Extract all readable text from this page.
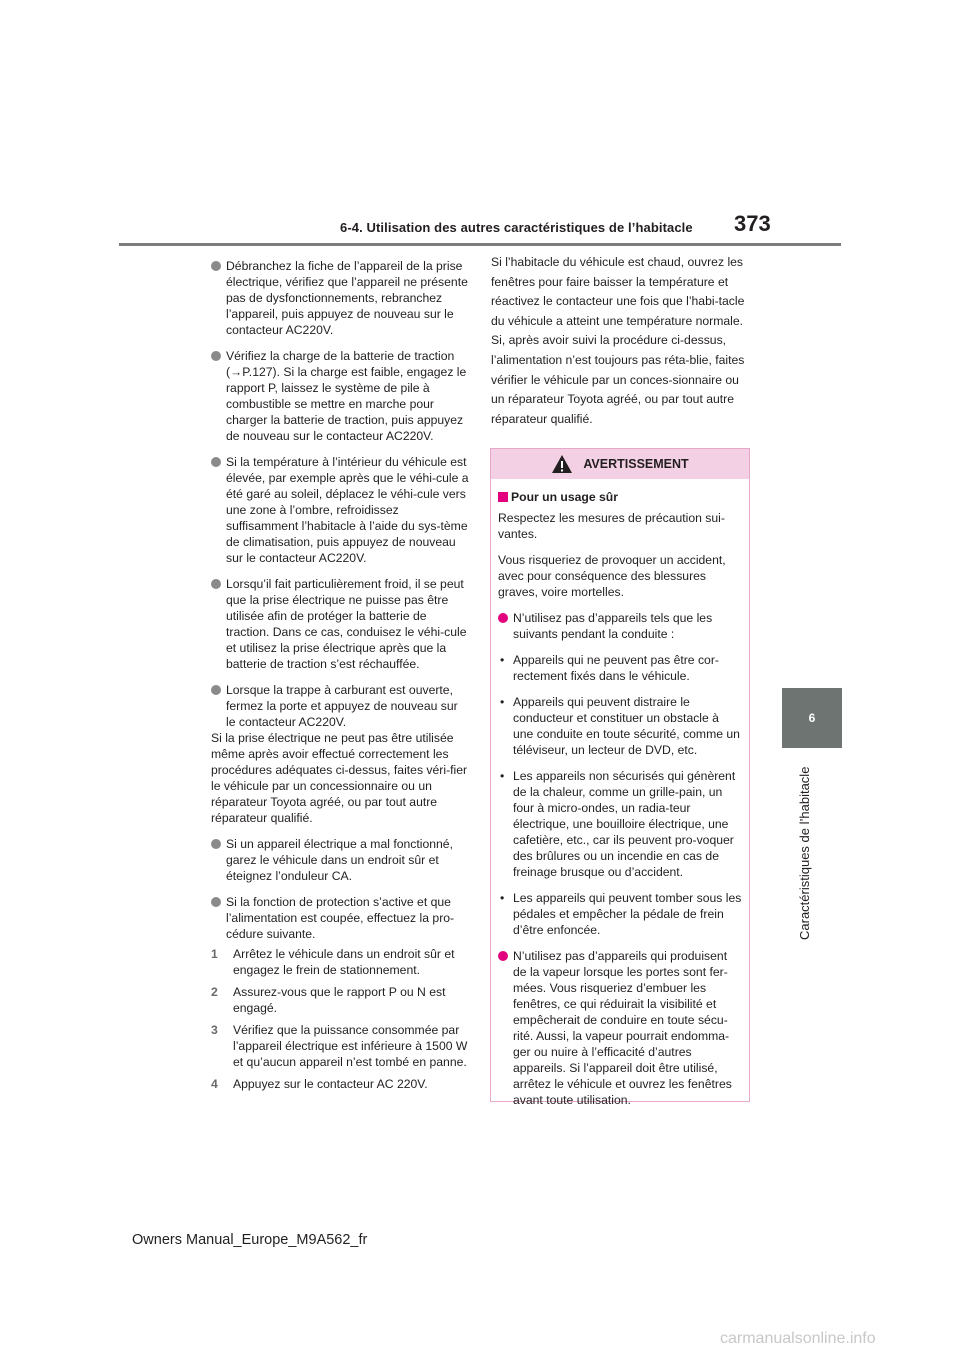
6-4. Utilisation des autres caractéristiques de l’habitacle 373
6
Caractéristiques de l’habitacle
Débranchez la fiche de l’appareil de la prise électrique, vérifiez que l’appareil ne présente pas de dysfonctionnements, rebranchez l’appareil, puis appuyez de nouveau sur le contacteur AC220V.
Vérifiez la charge de la batterie de traction (→P.127). Si la charge est faible, engagez le rapport P, laissez le système de pile à combustible se mettre en marche pour charger la batterie de traction, puis appuyez de nouveau sur le contacteur AC220V.
Si la température à l’intérieur du véhicule est élevée, par exemple après que le véhi-cule a été garé au soleil, déplacez le véhi-cule vers une zone à l’ombre, refroidissez suffisamment l’habitacle à l’aide du sys-tème de climatisation, puis appuyez de nouveau sur le contacteur AC220V.
Lorsqu’il fait particulièrement froid, il se peut que la prise électrique ne puisse pas être utilisée afin de protéger la batterie de traction. Dans ce cas, conduisez le véhi-cule et utilisez la prise électrique après que la batterie de traction s’est réchauffée.
Lorsque la trappe à carburant est ouverte, fermez la porte et appuyez de nouveau sur le contacteur AC220V.
Si la prise électrique ne peut pas être utilisée même après avoir effectué correctement les procédures adéquates ci-dessus, faites véri-fier le véhicule par un concessionnaire ou un réparateur Toyota agréé, ou par tout autre réparateur qualifié.
Si un appareil électrique a mal fonctionné, garez le véhicule dans un endroit sûr et éteignez l’onduleur CA.
Si la fonction de protection s’active et que l’alimentation est coupée, effectuez la pro-cédure suivante.
1 Arrêtez le véhicule dans un endroit sûr et engagez le frein de stationnement.
2 Assurez-vous que le rapport P ou N est engagé.
3 Vérifiez que la puissance consommée par l’appareil électrique est inférieure à 1500 W et qu’aucun appareil n’est tombé en panne.
4 Appuyez sur le contacteur AC 220V.
Si l’habitacle du véhicule est chaud, ouvrez les fenêtres pour faire baisser la température et réactivez le contacteur une fois que l’habi-tacle du véhicule a atteint une température normale. Si, après avoir suivi la procédure ci-dessus, l’alimentation n’est toujours pas réta-blie, faites vérifier le véhicule par un conces-sionnaire ou un réparateur Toyota agréé, ou par tout autre réparateur qualifié.
AVERTISSEMENT
Pour un usage sûr
Respectez les mesures de précaution sui-vantes.
Vous risqueriez de provoquer un accident, avec pour conséquence des blessures graves, voire mortelles.
N’utilisez pas d’appareils tels que les suivants pendant la conduite :
• Appareils qui ne peuvent pas être cor-rectement fixés dans le véhicule.
• Appareils qui peuvent distraire le conducteur et constituer un obstacle à une conduite en toute sécurité, comme un téléviseur, un lecteur de DVD, etc.
• Les appareils non sécurisés qui génèrent de la chaleur, comme un grille-pain, un four à micro-ondes, un radia-teur électrique, une bouilloire électrique, une cafetière, etc., car ils peuvent pro-voquer des brûlures ou un incendie en cas de freinage brusque ou d’accident.
• Les appareils qui peuvent tomber sous les pédales et empêcher la pédale de frein d’être enfoncée.
N’utilisez pas d’appareils qui produisent de la vapeur lorsque les portes sont fer-mées. Vous risqueriez d’embuer les fenêtres, ce qui réduirait la visibilité et empêcherait de conduire en toute sécu-rité. Aussi, la vapeur pourrait endomma-ger ou nuire à l’efficacité d’autres appareils. Si l’appareil doit être utilisé, arrêtez le véhicule et ouvrez les fenêtres avant toute utilisation.
Owners Manual_Europe_M9A562_fr
carmanualsonline.info
